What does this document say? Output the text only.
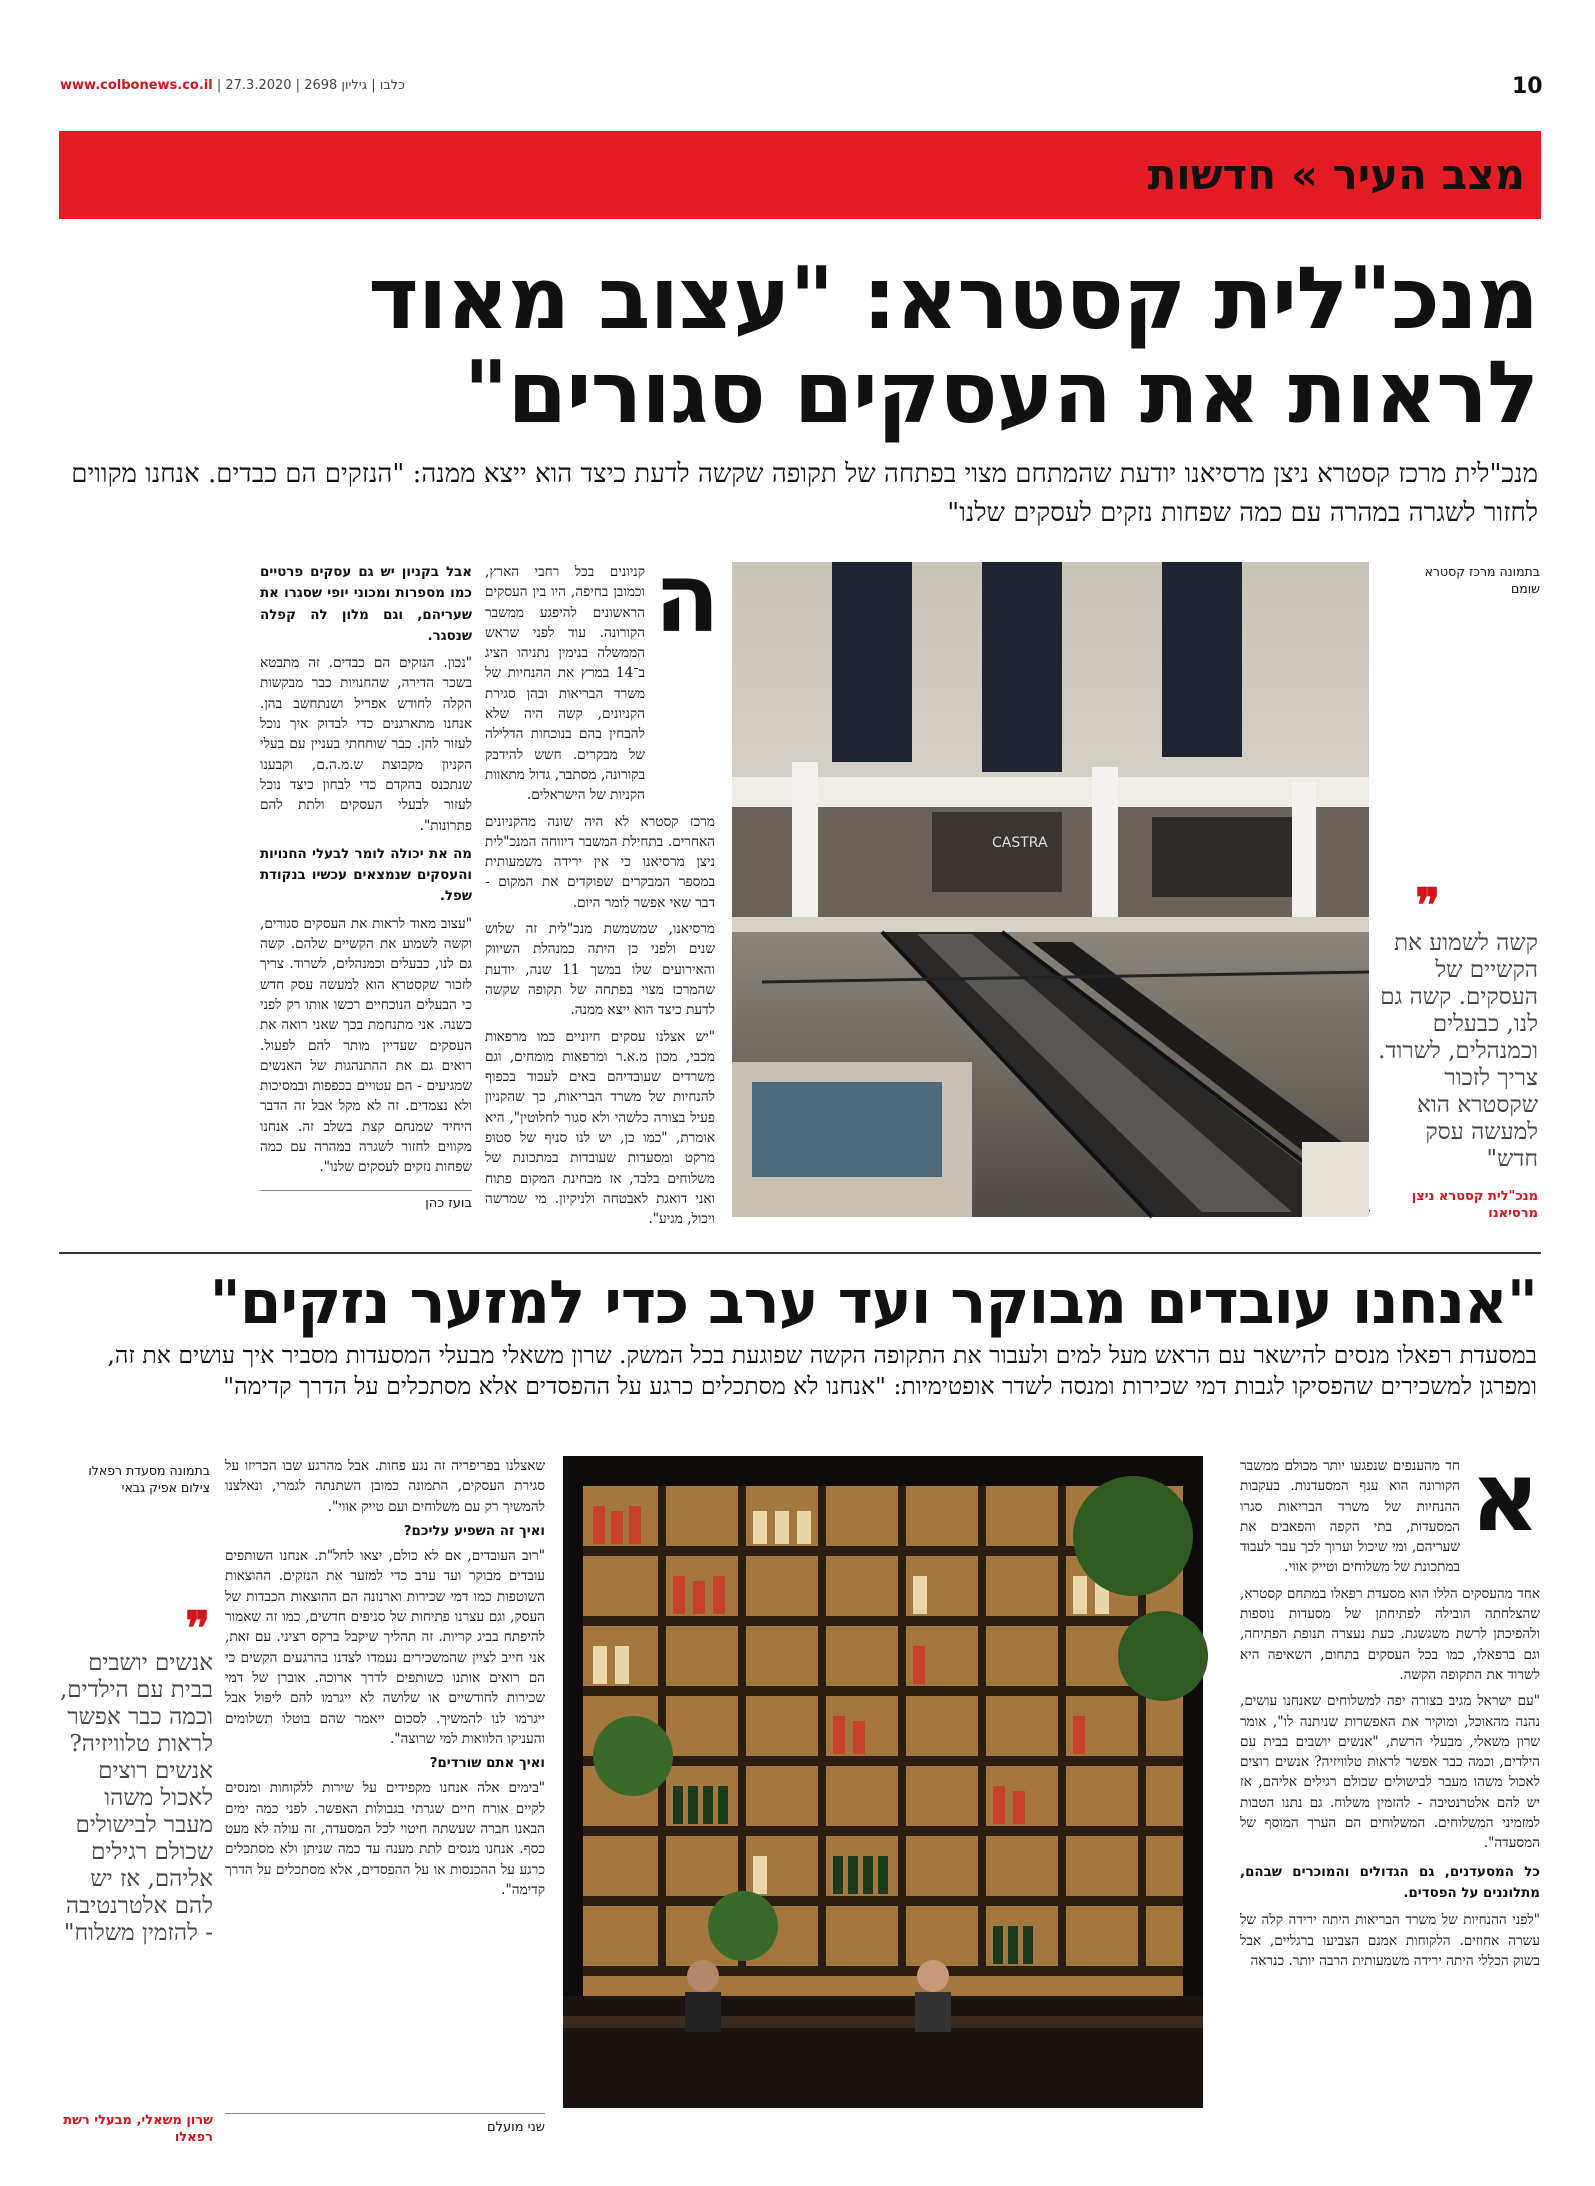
www.colbonews.co.il | כלבו | גיליון 2698 | 27.3.2020	10
מצב העיר » חדשות
מנכ"לית קסטרא: "עצוב מאוד לראות את העסקים סגורים"
מנכ"לית מרכז קסטרא ניצן מרסיאנו יודעת שהמתחם מצוי בפתחה של תקופה שקשה לדעת כיצד הוא ייצא ממנה: "הנזקים הם כבדים. אנחנו מקווים לחזור לשגרה במהרה עם כמה שפחות נזקים לעסקים שלנו"
בתמונה מרכז קסטרא שומם
CASTRA
ה

קניונים בכל רחבי הארץ, וכמובן בחיפה, היו בין העסקים הראשונים להיפגע ממשבר הקורונה. עוד לפני שראש הממשלה בנימין נתניהו הציג ב־14 במרץ את ההנחיות של משרד הבריאות ובהן סגירת הקניונים, קשה היה שלא להבחין בהם בנוכחות הדלילה של מבקרים. חשש להידבק בקורונה, מסתבר, גדול מתאוות הקניות של הישראלים.

מרכז קסטרא לא היה שונה מהקניונים האחרים. בתחילת המשבר דיווחה המנכ"לית ניצן מרסיאנו כי אין ירידה משמעותית במספר המבקרים שפוקדים את המקום - דבר שאי אפשר לומר היום.

מרסיאנו, שמשמשת מנכ"לית זה שלוש שנים ולפני כן היתה כמנהלת השיווק והאירועים שלו במשך 11 שנה, יודעת שהמרכז מצוי בפתחה של תקופה שקשה לדעת כיצד הוא ייצא ממנה.

"יש אצלנו עסקים חיוניים כמו מרפאות מכבי, מכון מ.א.ר ומרפאות מומחים, וגם משרדים שעובדיהם באים לעבוד בכפוף להנחיות של משרד הבריאות, כך שהקניון פעיל בצורה כלשהי ולא סגור לחלוטין", היא אומרת, "כמו כן, יש לנו סניף של סטופ מרקט ומסעדות שעובדות במתכונת של משלוחים בלבד, אז מבחינת המקום פתוח ואני דואגת לאבטחה ולניקיון. מי שמרשה ויכול, מגיע".

אבל בקניון יש גם עסקים פרטיים כמו מספרות ומכוני יופי שסגרו את שעריהם, וגם מלון לה קפלה שנסגר.

"נכון. הנזקים הם כבדים. זה מתבטא בשכר הדירה, שהחנויות כבר מבקשות הקלה לחודש אפריל ושנתחשב בהן. אנחנו מתארגנים כדי לבדוק איך נוכל לעזור להן. כבר שוחחתי בעניין עם בעלי הקניון מקבוצת ש.מ.ה.ם, וקבענו שנתכנס בהקדם כדי לבחון כיצד נוכל לעזור לבעלי העסקים ולתת להם פתרונות".

מה את יכולה לומר לבעלי החנויות והעסקים שנמצאים עכשיו בנקודת שפל.

"עצוב מאוד לראות את העסקים סגורים, וקשה לשמוע את הקשיים שלהם. קשה גם לנו, כבעלים וכמנהלים, לשרוד. צריך לזכור שקסטרא הוא למעשה עסק חדש כי הבעלים הנוכחיים רכשו אותו רק לפני כשנה. אני מתנחמת בכך שאני רואה את העסקים שעדיין מותר להם לפעול. רואים גם את ההתנהגות של האנשים שמגיעים - הם עטויים בכפפות ובמסיכות ולא נצמדים. זה לא מקל אבל זה הדבר היחיד שמנחם קצת בשלב זה. אנחנו מקווים לחזור לשגרה במהרה עם כמה שפחות נזקים לעסקים שלנו".

בועז כהן
❞
קשה לשמוע את הקשיים של העסקים. קשה גם לנו, כבעלים וכמנהלים, לשרוד. צריך לזכור שקסטרא הוא למעשה עסק חדש"
מנכ"לית קסטרא ניצן מרסיאנו
"אנחנו עובדים מבוקר ועד ערב כדי למזער נזקים"
במסעדת רפאלו מנסים להישאר עם הראש מעל למים ולעבור את התקופה הקשה שפוגעת בכל המשק. שרון משאלי מבעלי המסעדות מסביר איך עושים את זה, ומפרגן למשכירים שהפסיקו לגבות דמי שכירות ומנסה לשדר אופטימיות: "אנחנו לא מסתכלים כרגע על ההפסדים אלא מסתכלים על הדרך קדימה"
א

חד מהענפים שנפגעו יותר מכולם ממשבר הקורונה הוא ענף המסעדנות. בעקבות ההנחיות של משרד הבריאות סגרו המסעדות, בתי הקפה והפאבים את שעריהם, ומי שיכול וערוך לכך עבר לעבוד במתכונת של משלוחים וטייק אווי.

אחד מהעסקים הללו הוא מסעדת רפאלו במתחם קסטרא, שהצלחתה הובילה לפתיחתן של מסעדות נוספות ולהפיכתן לרשת משגשגת. כעת נעצרה תנופת הפתיחה, וגם ברפאלו, כמו בכל העסקים בתחום, השאיפה היא לשרוד את התקופה הקשה.

"עם ישראל מגיב בצורה יפה למשלוחים שאנחנו עושים, נהנה מהאוכל, ומוקיר את האפשרות שניתנה לו", אומר שרון משאלי, מבעלי הרשת, "אנשים יושבים בבית עם הילדים, וכמה כבר אפשר לראות טלוויזיה? אנשים רוצים לאכול משהו מעבר לבישולים שכולם רגילים אליהם, אז יש להם אלטרנטיבה - להזמין משלוח. גם נתנו הטבות למזמיני המשלוחים. המשלוחים הם הערך המוסף של המסעדה".

כל המסעדנים, גם הגדולים והמוכרים שבהם, מתלוננים על הפסדים.

"לפני ההנחיות של משרד הבריאות היתה ירידה קלה של עשרה אחוזים. הלקוחות אמנם הצביעו ברגליים, אבל בשוק הכללי היתה ירידה משמעותית הרבה יותר. כנראה

שאצלנו בפריפריה זה נגע פחות. אבל מהרגע שבו הכריזו על סגירת העסקים, התמונה כמובן השתנתה לגמרי, ונאלצנו להמשיך רק עם משלוחים ועם טייק אווי".

ואיך זה השפיע עליכם?

"רוב העובדים, אם לא כולם, יצאו לחל"ת. אנחנו השותפים עובדים מבוקר ועד ערב כדי למזער את הנזקים. ההוצאות השוטפות כמו דמי שכירות וארנונה הם ההוצאות הכבדות של העסק, וגם עצרנו פתיחות של סניפים חדשים, כמו זה שאמור להיפתח בביג קריות. זה תהליך שיקבל ברקס רציני. עם זאת, אני חייב לציין שהמשכירים נעמדו לצדנו בהרגעים הקשים כי הם רואים אותנו כשותפים לדרך ארוכה. אוברן של דמי שכירות לחודשיים או שלושה לא ייגרמו להם ליפול אבל ייגרמו לנו להמשיך. לסכום ייאמר שהם בוטלו תשלומים והעניקו הלוואות למי שרוצה".

ואיך אתם שורדים?

"בימים אלה אנחנו מקפידים על שירות ללקוחות ומנסים לקיים אורח חיים שגרתי בגבולות האפשר. לפני כמה ימים הבאנו חברה שעשתה חיטוי לכל המסעדה, זה עולה לא מעט כסף. אנחנו מנסים לתת מענה עד כמה שניתן ולא מסתכלים כרגע על ההכנסות או על ההפסדים, אלא מסתכלים על הדרך קדימה".

שני מועלם
בתמונה מסעדת רפאלו צילום אפיק גבאי
❞
אנשים יושבים בבית עם הילדים, וכמה כבר אפשר לראות טלוויזיה? אנשים רוצים לאכול משהו מעבר לבישולים שכולם רגילים אליהם, אז יש להם אלטרנטיבה - להזמין משלוח"
שרון משאלי, מבעלי רשת רפאלו
